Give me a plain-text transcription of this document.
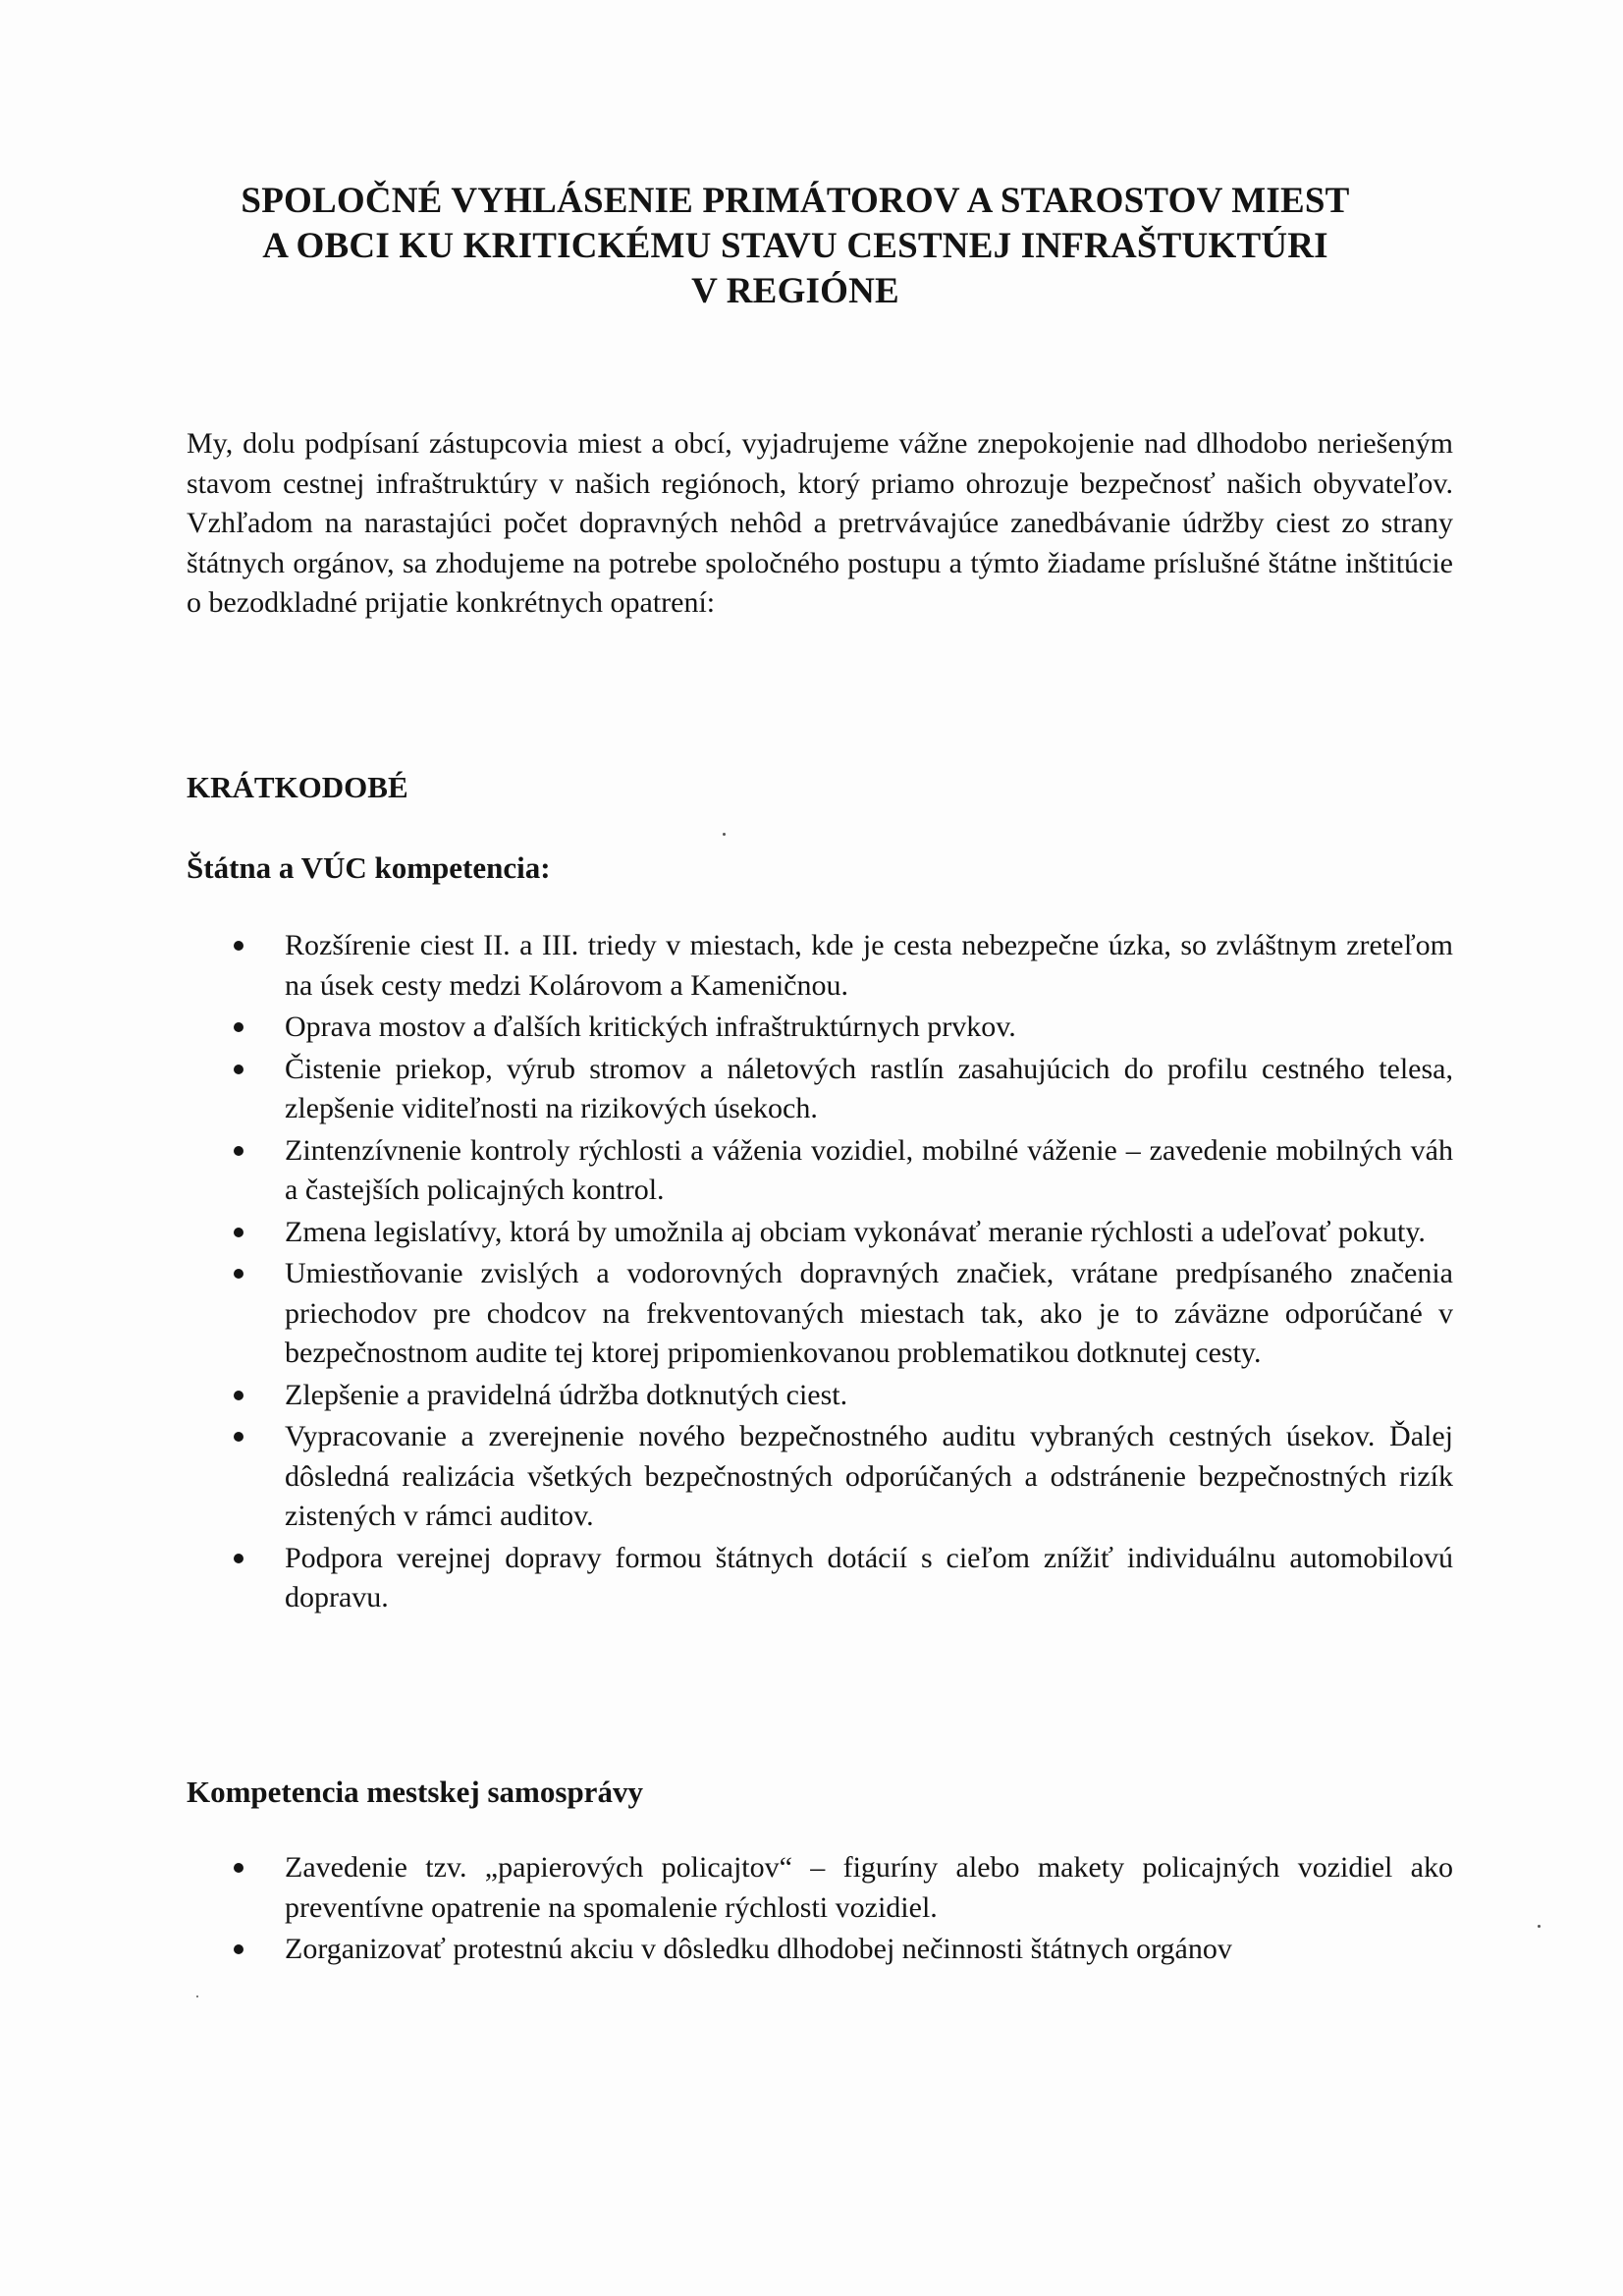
SPOLOČNÉ VYHLÁSENIE PRIMÁTOROV A STAROSTOV MIEST
A OBCI KU KRITICKÉMU STAVU CESTNEJ INFRAŠTUKTÚRI
V REGIÓNE
My, dolu podpísaní zástupcovia miest a obcí, vyjadrujeme vážne znepokojenie nad dlhodobo neriešeným stavom cestnej infraštruktúry v našich regiónoch, ktorý priamo ohrozuje bezpečnosť našich obyvateľov. Vzhľadom na narastajúci počet dopravných nehôd a pretrvávajúce zanedbávanie údržby ciest zo strany štátnych orgánov, sa zhodujeme na potrebe spoločného postupu a týmto žiadame príslušné štátne inštitúcie o bezodkladné prijatie konkrétnych opatrení:
KRÁTKODOBÉ
Štátna a VÚC kompetencia:
Rozšírenie ciest II. a III. triedy v miestach, kde je cesta nebezpečne úzka, so zvláštnym zreteľom na úsek cesty medzi Kolárovom a Kameničnou.
Oprava mostov a ďalších kritických infraštruktúrnych prvkov.
Čistenie priekop, výrub stromov a náletových rastlín zasahujúcich do profilu cestného telesa, zlepšenie viditeľnosti na rizikových úsekoch.
Zintenzívnenie kontroly rýchlosti a váženia vozidiel, mobilné váženie – zavedenie mobilných váh a častejších policajných kontrol.
Zmena legislatívy, ktorá by umožnila aj obciam vykonávať meranie rýchlosti a udeľovať pokuty.
Umiestňovanie zvislých a vodorovných dopravných značiek, vrátane predpísaného značenia priechodov pre chodcov na frekventovaných miestach tak, ako je to záväzne odporúčané v bezpečnostnom audite tej ktorej pripomienkovanou problematikou dotknutej cesty.
Zlepšenie a pravidelná údržba dotknutých ciest.
Vypracovanie a zverejnenie nového bezpečnostného auditu vybraných cestných úsekov. Ďalej dôsledná realizácia všetkých bezpečnostných odporúčaných a odstránenie bezpečnostných rizík zistených v rámci auditov.
Podpora verejnej dopravy formou štátnych dotácií s cieľom znížiť individuálnu automobilovú dopravu.
Kompetencia mestskej samosprávy
Zavedenie tzv. „papierových policajtov“ – figuríny alebo makety policajných vozidiel ako preventívne opatrenie na spomalenie rýchlosti vozidiel.
Zorganizovať protestnú akciu v dôsledku dlhodobej nečinnosti štátnych orgánov
